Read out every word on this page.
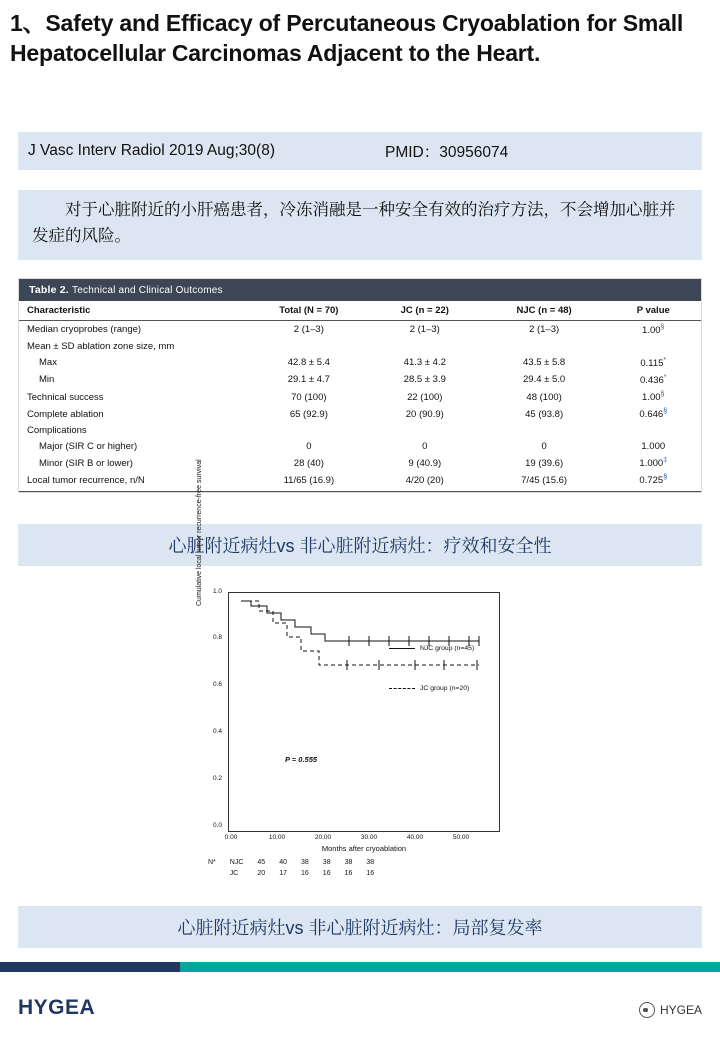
1、Safety and Efficacy of Percutaneous Cryoablation for Small Hepatocellular Carcinomas Adjacent to the Heart.
J Vasc Interv Radiol 2019 Aug;30(8)	PMID：30956074
对于心脏附近的小肝癌患者，冷冻消融是一种安全有效的治疗方法，不会增加心脏并发症的风险。
Table 2. Technical and Clinical Outcomes
Characteristic	Total (N = 70)	JC (n = 22)	NJC (n = 48)	P value
Median cryoprobes (range)	2 (1–3)	2 (1–3)	2 (1–3)	1.00§
Mean ± SD ablation zone size, mm				
Max	42.8 ± 5.4	41.3 ± 4.2	43.5 ± 5.8	0.115*
Min	29.1 ± 4.7	28.5 ± 3.9	29.4 ± 5.0	0.436*
Technical success	70 (100)	22 (100)	48 (100)	1.00§
Complete ablation	65 (92.9)	20 (90.9)	45 (93.8)	0.646§
Complications				
Major (SIR C or higher)	0	0	0	1.000
Minor (SIR B or lower)	28 (40)	9 (40.9)	19 (39.6)	1.000‡
Local tumor recurrence, n/N	11/65 (16.9)	4/20 (20)	7/45 (15.6)	0.725§
心脏附近病灶vs 非心脏附近病灶：疗效和安全性
Cumulative local tumor recurrence-free survival	1.0
0.8
0.6
0.4
0.2
0.0
NJC group (n=45)
JC group (n=20)
P = 0.555
0.00	10.00	20.00	30.00	40.00	50.00
Months after cryoablation
N*	NJC	45	40	38	38	38	38
	JC	20	17	16	16	16	16
心脏附近病灶vs 非心脏附近病灶：局部复发率
HYGEA	HYGEA
